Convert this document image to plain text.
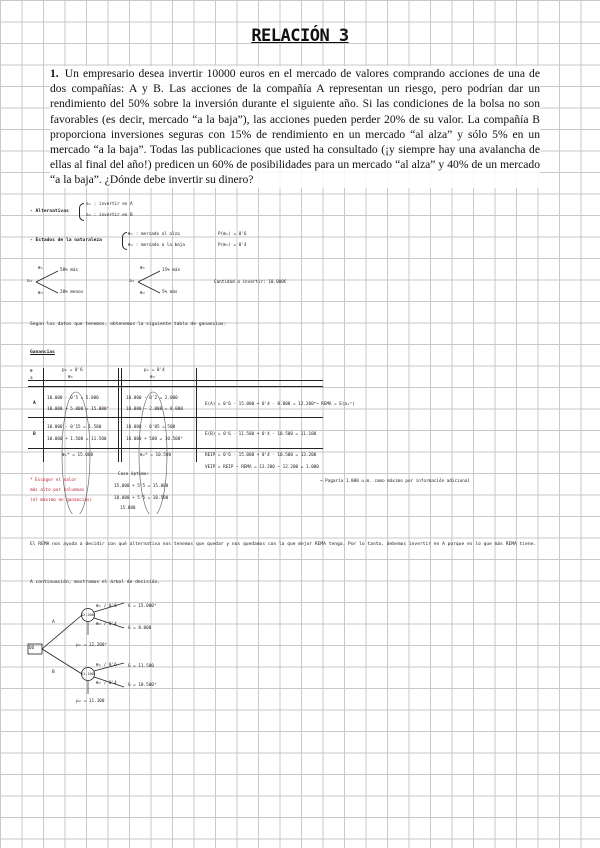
RELACIÓN 3
1. Un empresario desea invertir 10000 euros en el mercado de valores comprando acciones de una de dos compañías: A y B. Las acciones de la compañía A representan un riesgo, pero podrían dar un rendimiento del 50% sobre la inversión durante el siguiente año. Si las condiciones de la bolsa no son favorables (es decir, mercado “a la baja”), las acciones pueden perder 20% de su valor. La compañía B proporciona inversiones seguras con 15% de rendimiento en un mercado “al alza” y sólo 5% en un mercado “a la baja”. Todas las publicaciones que usted ha consultado (¡y siempre hay una avalancha de ellas al final del año!) predicen un 60% de posibilidades para un mercado “al alza” y 40% de un mercado “a la baja”. ¿Dónde debe invertir su dinero?
- Alternativas
a₁ : invertir en A
a₂ : invertir en B
- Estados de la naturaleza
θ₁ : mercado al alza
θ₂ : mercado a la baja
P(θ₁) = 0'6
P(θ₂) = 0'4
a₁
θ₁
θ₂
50% más
20% menos
a₂
θ₁
θ₂
15% más
5% más
Cantidad a invertir: 10.000€
Según los datos que tenemos, obtenemos la siguiente tabla de ganancias:
Ganancias
θ
a
p₁ = 0'6
θ₁
p₂ = 0'4
θ₂
A
10.000 · 0'5 = 5.000
10.000 + 5.000 = 15.000*
10.000 · 0'2 = 2.000
10.000 − 2.000 = 8.000
E(A) = 0'6 · 15.000 + 0'4 · 8.000 = 12.200* → REMA = E(a₁ⁿ)
B
10.000 · 0'15 = 1.500
10.000 + 1.500 = 11.500
10.000 · 0'05 = 500
10.000 + 500 = 10.500*
E(B) = 0'6 · 11.500 + 0'4 · 10.500 = 11.100
θ₁* = 15.000	θ₂* = 10.500	REIP = 0'6 · 15.000 + 0'4 · 10.500 = 13.200
VEIP = REIP − REMA = 13.200 − 12.200 = 1.000
→ Pagaría 1.000 u.m. como máximo por información adicional
* Escoger el valor
más alto por columnas
(el máximo en ganancias)
Caso óptimo:
15.000 + 5'5 = 15.000
10.000 + 5'5 = 10.500
15.000
El REMA nos ayuda a decidir con qué alternativa nos tenemos que quedar y nos quedamos con la que mejor REMA tenga. Por lo tanto, debemos invertir en A porque es lo que más REMA tiene.
A continuación, mostramos el árbol de decisión.
DD
A
B
12.200
11.100
θ₁ / 0'6
θ₂ / 0'4
G = 15.000*
G = 8.000
θ₁ / 0'6
θ₂ / 0'4
G = 11.500
G = 10.500*
μ₁ = 12.200*
μ₂ = 11.100
